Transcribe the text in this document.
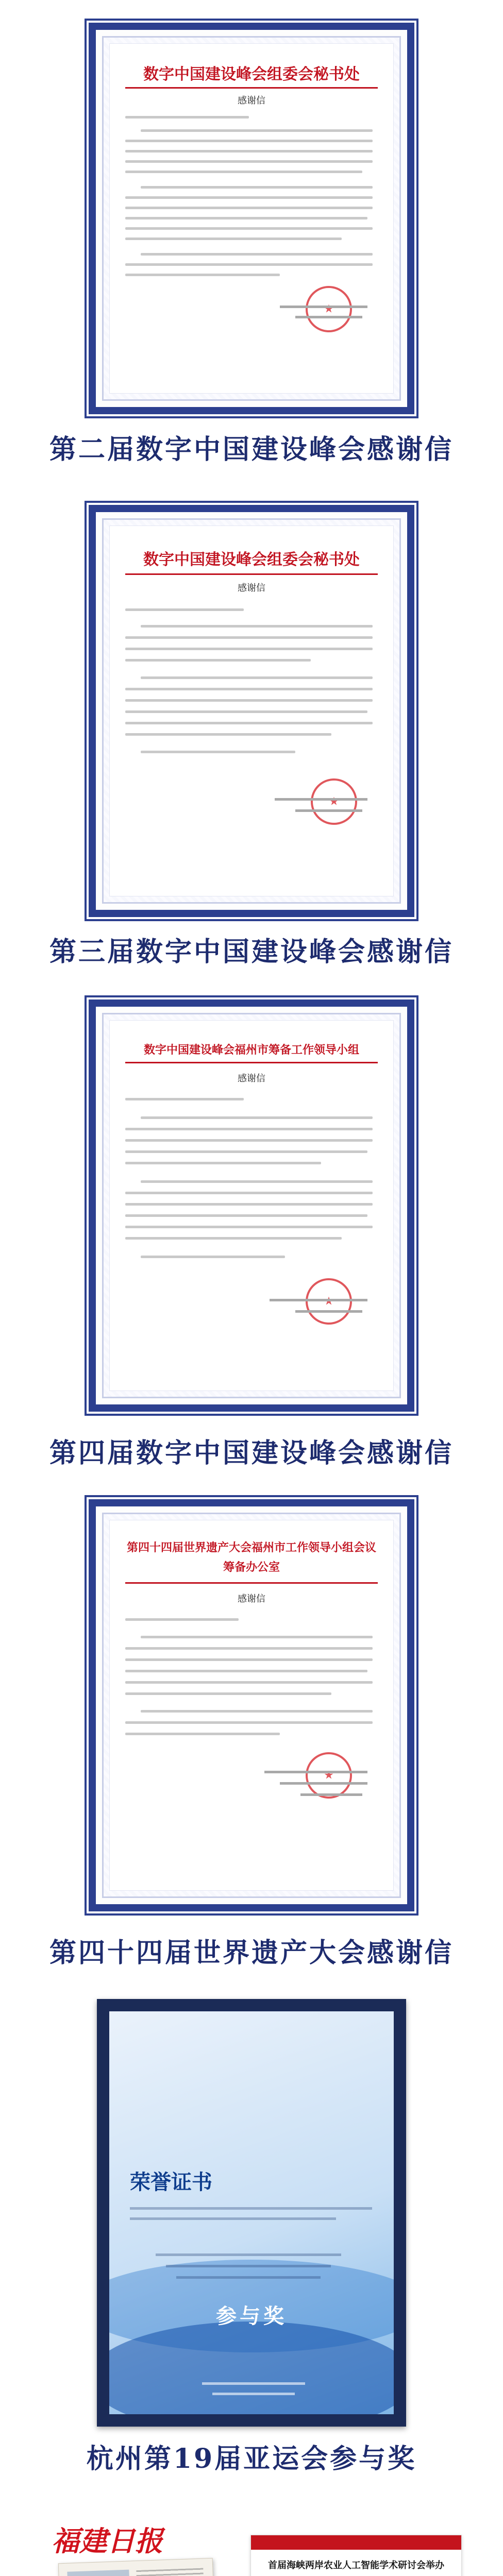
数字中国建设峰会组委会秘书处
感谢信
★
第二届数字中国建设峰会感谢信
数字中国建设峰会组委会秘书处
感谢信
★
第三届数字中国建设峰会感谢信
数字中国建设峰会福州市筹备工作领导小组
感谢信
★
第四届数字中国建设峰会感谢信
第四十四届世界遗产大会福州市工作领导小组会议筹备办公室
感谢信
★
第四十四届世界遗产大会感谢信
荣誉证书
参与奖
杭州第19届亚运会参与奖
福建日报
首届海峡两岸农业人工智能学术研讨会举办
